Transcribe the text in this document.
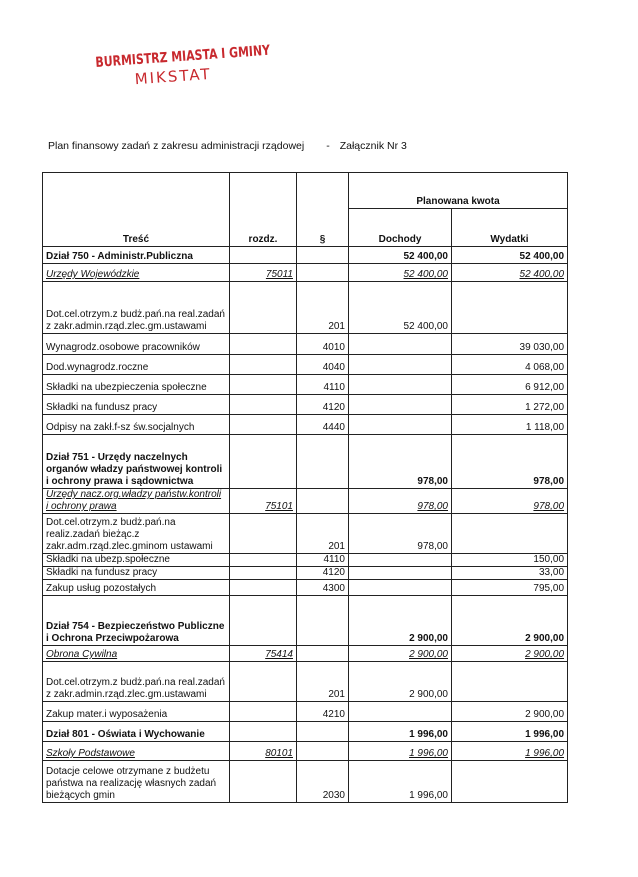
BURMISTRZ MIASTA I GMINY
MIKSTAT
Plan finansowy zadań z zakresu administracji rządowej - Załącznik Nr 3
Treść	rozdz.	§	Planowana kwota	
			Dochody	Wydatki
Dział 750 - Administr.Publiczna			52 400,00	52 400,00
Urzędy Wojewódzkie	75011		52 400,00	52 400,00
Dot.cel.otrzym.z budż.pań.na real.zadań z zakr.admin.rząd.zlec.gm.ustawami		201	52 400,00	
Wynagrodz.osobowe pracowników		4010		39 030,00
Dod.wynagrodz.roczne		4040		4 068,00
Składki na ubezpieczenia społeczne		4110		6 912,00
Składki na fundusz pracy		4120		1 272,00
Odpisy na zakł.f-sz św.socjalnych		4440		1 118,00
Dział 751 - Urzędy naczelnych organów władzy państwowej kontroli i ochrony prawa i sądownictwa			978,00	978,00
Urzędy nacz.org.władzy państw.kontroli i ochrony prawa	75101		978,00	978,00
Dot.cel.otrzym.z budż.pań.na realiz.zadań bieżąc.z zakr.adm.rząd.zlec.gminom ustawami		201	978,00	
Składki na ubezp.społeczne		4110		150,00
Składki na fundusz pracy		4120		33,00
Zakup usług pozostałych		4300		795,00
Dział 754 - Bezpieczeństwo Publiczne i Ochrona Przeciwpożarowa			2 900,00	2 900,00
Obrona Cywilna	75414		2 900,00	2 900,00
Dot.cel.otrzym.z budż.pań.na real.zadań z zakr.admin.rząd.zlec.gm.ustawami		201	2 900,00	
Zakup mater.i wyposażenia		4210		2 900,00
Dział 801 - Oświata i Wychowanie			1 996,00	1 996,00
Szkoły Podstawowe	80101		1 996,00	1 996,00
Dotacje celowe otrzymane z budżetu państwa na realizację własnych zadań bieżących gmin		2030	1 996,00	
